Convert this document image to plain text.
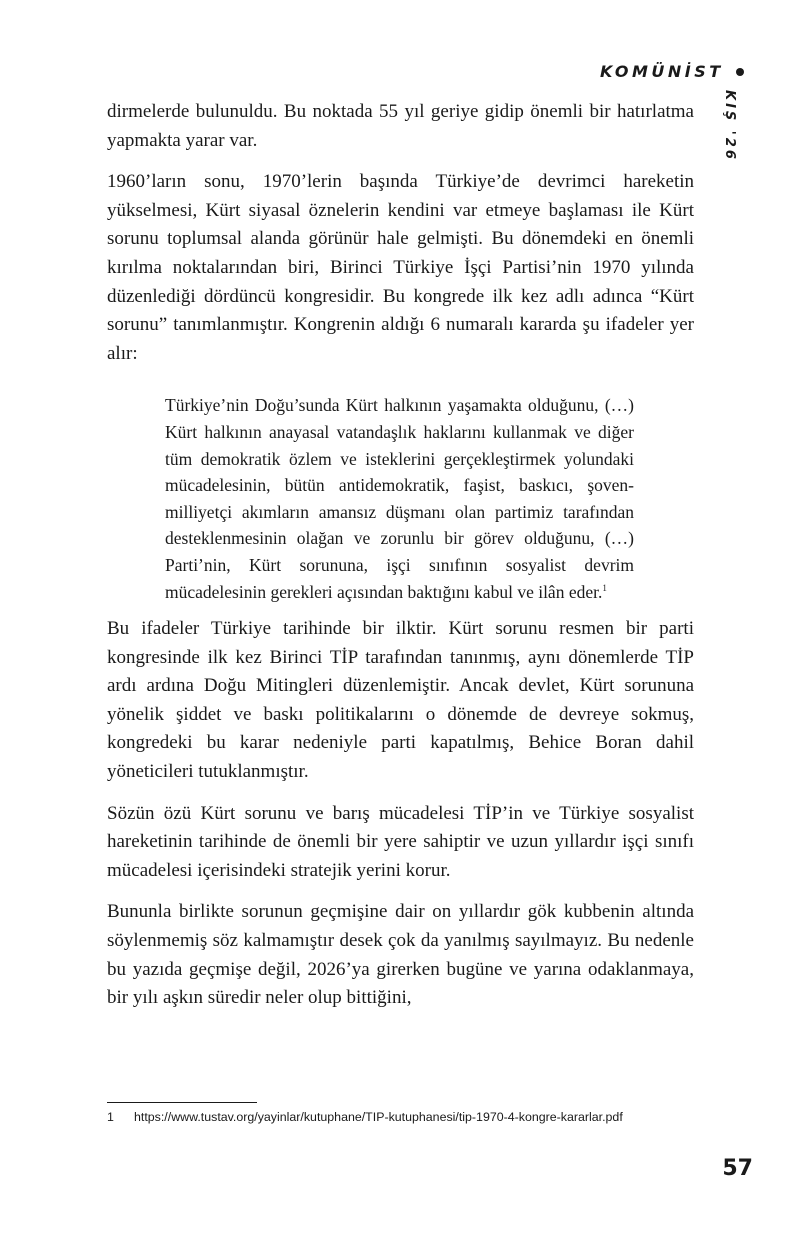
KOMÜNİST
KIŞ '26

dirmelerde bulunuldu. Bu noktada 55 yıl geriye gidip önemli bir hatırlatma yapmakta yarar var.

1960’ların sonu, 1970’lerin başında Türkiye’de devrimci hareketin yükselmesi, Kürt siyasal öznelerin kendini var etmeye başlaması ile Kürt sorunu toplumsal alanda görünür hale gelmişti. Bu dönemdeki en önemli kırılma noktalarından biri, Birinci Türkiye İşçi Partisi’nin 1970 yılında düzenlediği dördüncü kongresidir. Bu kongrede ilk kez adlı adınca “Kürt sorunu” tanımlanmıştır. Kongrenin aldığı 6 numaralı kararda şu ifadeler yer alır:

Türkiye’nin Doğu’sunda Kürt halkının yaşamakta olduğunu, (…) Kürt halkının anayasal vatandaşlık haklarını kullanmak ve diğer tüm demokratik özlem ve isteklerini gerçekleştirmek yolundaki mücadelesinin, bütün antidemokratik, faşist, baskıcı, şoven-milliyetçi akımların amansız düşmanı olan partimiz tarafından desteklenmesinin olağan ve zorunlu bir görev olduğunu, (…) Parti’nin, Kürt sorununa, işçi sınıfının sosyalist devrim mücadelesinin gerekleri açısından baktığını kabul ve ilân eder.$^1$

Bu ifadeler Türkiye tarihinde bir ilktir. Kürt sorunu resmen bir parti kongresinde ilk kez Birinci TİP tarafından tanınmış, aynı dönemlerde TİP ardı ardına Doğu Mitingleri düzenlemiştir. Ancak devlet, Kürt sorununa yönelik şiddet ve baskı politikalarını o dönemde de devreye sokmuş, kongredeki bu karar nedeniyle parti kapatılmış, Behice Boran dahil yöneticileri tutuklanmıştır.

Sözün özü Kürt sorunu ve barış mücadelesi TİP’in ve Türkiye sosyalist hareketinin tarihinde de önemli bir yere sahiptir ve uzun yıllardır işçi sınıfı mücadelesi içerisindeki stratejik yerini korur.

Bununla birlikte sorunun geçmişine dair on yıllardır gök kubbenin altında söylenmemiş söz kalmamıştır desek çok da yanılmış sayılmayız. Bu nedenle bu yazıda geçmişe değil, 2026’ya girerken bugüne ve yarına odaklanmaya, bir yılı aşkın süredir neler olup bittiğini,

1	https://www.tustav.org/yayinlar/kutuphane/TIP-kutuphanesi/tip-1970-4-kongre-kararlar.pdf
57
